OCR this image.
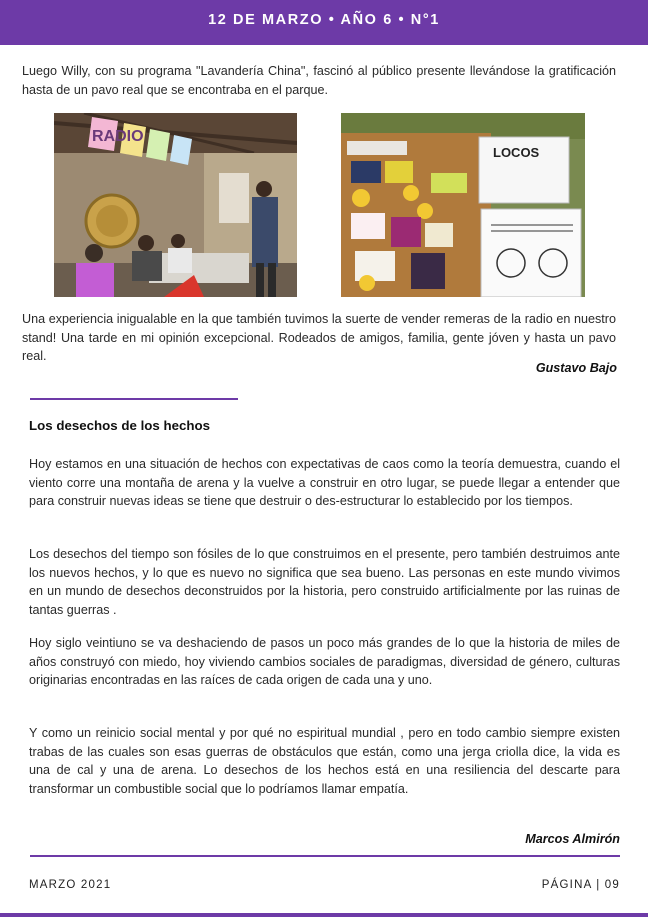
12 DE MARZO • AÑO 6 • N°1

Luego Willy, con su programa "Lavandería China", fascinó al público presente llevándose la gratificación hasta de un pavo real que se encontraba en el parque.

RADIO
LOCOS

Una experiencia inigualable en la que también tuvimos la suerte de vender remeras de la radio en nuestro stand! Una tarde en mi opinión excepcional. Rodeados de amigos, familia, gente jóven y hasta un pavo real.

Gustavo Bajo
Los desechos de los hechos

Hoy estamos en una situación de hechos con expectativas de caos como la teoría demuestra, cuando el viento corre una montaña de arena y la vuelve a construir en otro lugar, se puede llegar a entender que para construir nuevas ideas se tiene que destruir o des-estructurar lo establecido por los tiempos.

Los desechos del tiempo son fósiles de lo que construimos en el presente, pero también destruimos ante los nuevos hechos, y lo que es nuevo no significa que sea bueno. Las personas en este mundo vivimos en un mundo de desechos deconstruidos por la historia, pero construido artificialmente por las ruinas de tantas guerras .

Hoy siglo veintiuno se va deshaciendo de pasos un poco más grandes de lo que la historia de miles de años construyó con miedo, hoy viviendo cambios sociales de paradigmas, diversidad de género, culturas originarias encontradas en las raíces de cada origen de cada una y uno.

Y como un reinicio social mental y por qué no espiritual mundial , pero en todo cambio siempre existen trabas de las cuales son esas guerras de obstáculos que están, como una jerga criolla dice, la vida es una de cal y una de arena. Lo desechos de los hechos está en una resiliencia del descarte para transformar un combustible social que lo podríamos llamar empatía.

Marcos Almirón
MARZO 2021	PÁGINA | 09
